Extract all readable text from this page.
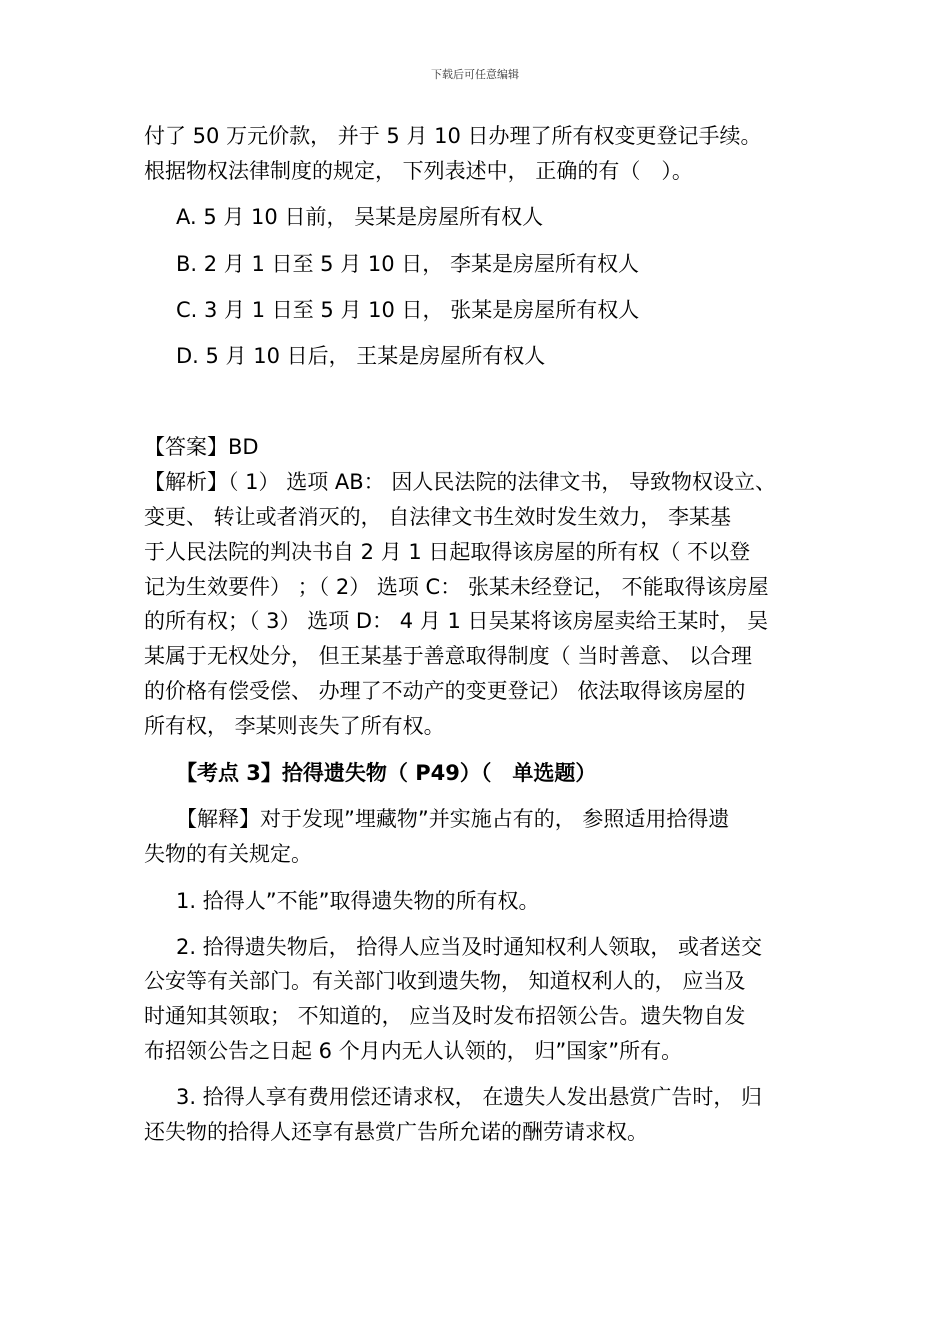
下载后可任意编辑
付了 50 万元价款， 并于 5 月 10 日办理了所有权变更登记手续。
根据物权法律制度的规定， 下列表述中， 正确的有（　）。
A. 5 月 10 日前， 吴某是房屋所有权人
B. 2 月 1 日至 5 月 10 日， 李某是房屋所有权人
C. 3 月 1 日至 5 月 10 日， 张某是房屋所有权人
D. 5 月 10 日后， 王某是房屋所有权人
【答案】BD
【解析】（ 1） 选项 AB： 因人民法院的法律文书， 导致物权设立、
变更、 转让或者消灭的， 自法律文书生效时发生效力， 李某基
于人民法院的判决书自 2 月 1 日起取得该房屋的所有权（ 不以登
记为生效要件） ；（ 2） 选项 C： 张某未经登记， 不能取得该房屋
的所有权；（ 3） 选项 D： 4 月 1 日吴某将该房屋卖给王某时， 吴
某属于无权处分， 但王某基于善意取得制度（ 当时善意、 以合理
的价格有偿受偿、 办理了不动产的变更登记） 依法取得该房屋的
所有权， 李某则丧失了所有权。
【考点 3】拾得遗失物（ P49）（　单选题）
【解释】对于发现”埋藏物”并实施占有的， 参照适用拾得遗
失物的有关规定。
1. 拾得人”不能”取得遗失物的所有权。
2. 拾得遗失物后， 拾得人应当及时通知权利人领取， 或者送交
公安等有关部门。有关部门收到遗失物， 知道权利人的， 应当及
时通知其领取； 不知道的， 应当及时发布招领公告。遗失物自发
布招领公告之日起 6 个月内无人认领的， 归”国家”所有。
3. 拾得人享有费用偿还请求权， 在遗失人发出悬赏广告时， 归
还失物的拾得人还享有悬赏广告所允诺的酬劳请求权。
